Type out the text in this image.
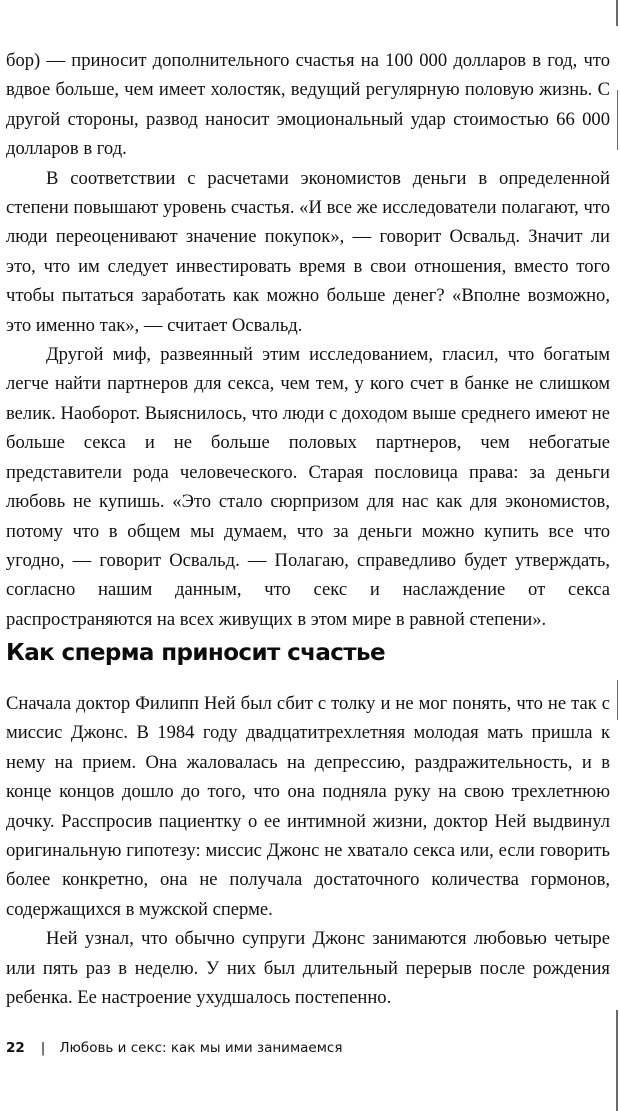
бор) — приносит дополнительного счастья на 100 000 долларов в год, что вдвое больше, чем имеет холостяк, ведущий регулярную половую жизнь. С другой стороны, развод наносит эмоциональный удар стоимостью 66 000 долларов в год.

В соответствии с расчетами экономистов деньги в определенной степени повышают уровень счастья. «И все же исследователи полагают, что люди переоценивают значение покупок», — говорит Освальд. Значит ли это, что им следует инвестировать время в свои отношения, вместо того чтобы пытаться заработать как можно больше денег? «Вполне возможно, это именно так», — считает Освальд.

Другой миф, развеянный этим исследованием, гласил, что богатым легче найти партнеров для секса, чем тем, у кого счет в банке не слишком велик. Наоборот. Выяснилось, что люди с доходом выше среднего имеют не больше секса и не больше половых партнеров, чем небогатые представители рода человеческого. Старая пословица права: за деньги любовь не купишь. «Это стало сюрпризом для нас как для экономистов, потому что в общем мы думаем, что за деньги можно купить все что угодно, — говорит Освальд. — Полагаю, справедливо будет утверждать, согласно нашим данным, что секс и наслаждение от секса распространяются на всех живущих в этом мире в равной степени».

Как сперма приносит счастье

Сначала доктор Филипп Ней был сбит с толку и не мог понять, что не так с миссис Джонс. В 1984 году двадцатитрехлетняя молодая мать пришла к нему на прием. Она жаловалась на депрессию, раздражительность, и в конце концов дошло до того, что она подняла руку на свою трехлетнюю дочку. Расспросив пациентку о ее интимной жизни, доктор Ней выдвинул оригинальную гипотезу: миссис Джонс не хватало секса или, если говорить более конкретно, она не получала достаточного количества гормонов, содержащихся в мужской сперме.

Ней узнал, что обычно супруги Джонс занимаются любовью четыре или пять раз в неделю. У них был длительный перерыв после рождения ребенка. Ее настроение ухудшалось постепенно.

22 | Любовь и секс: как мы ими занимаемся
